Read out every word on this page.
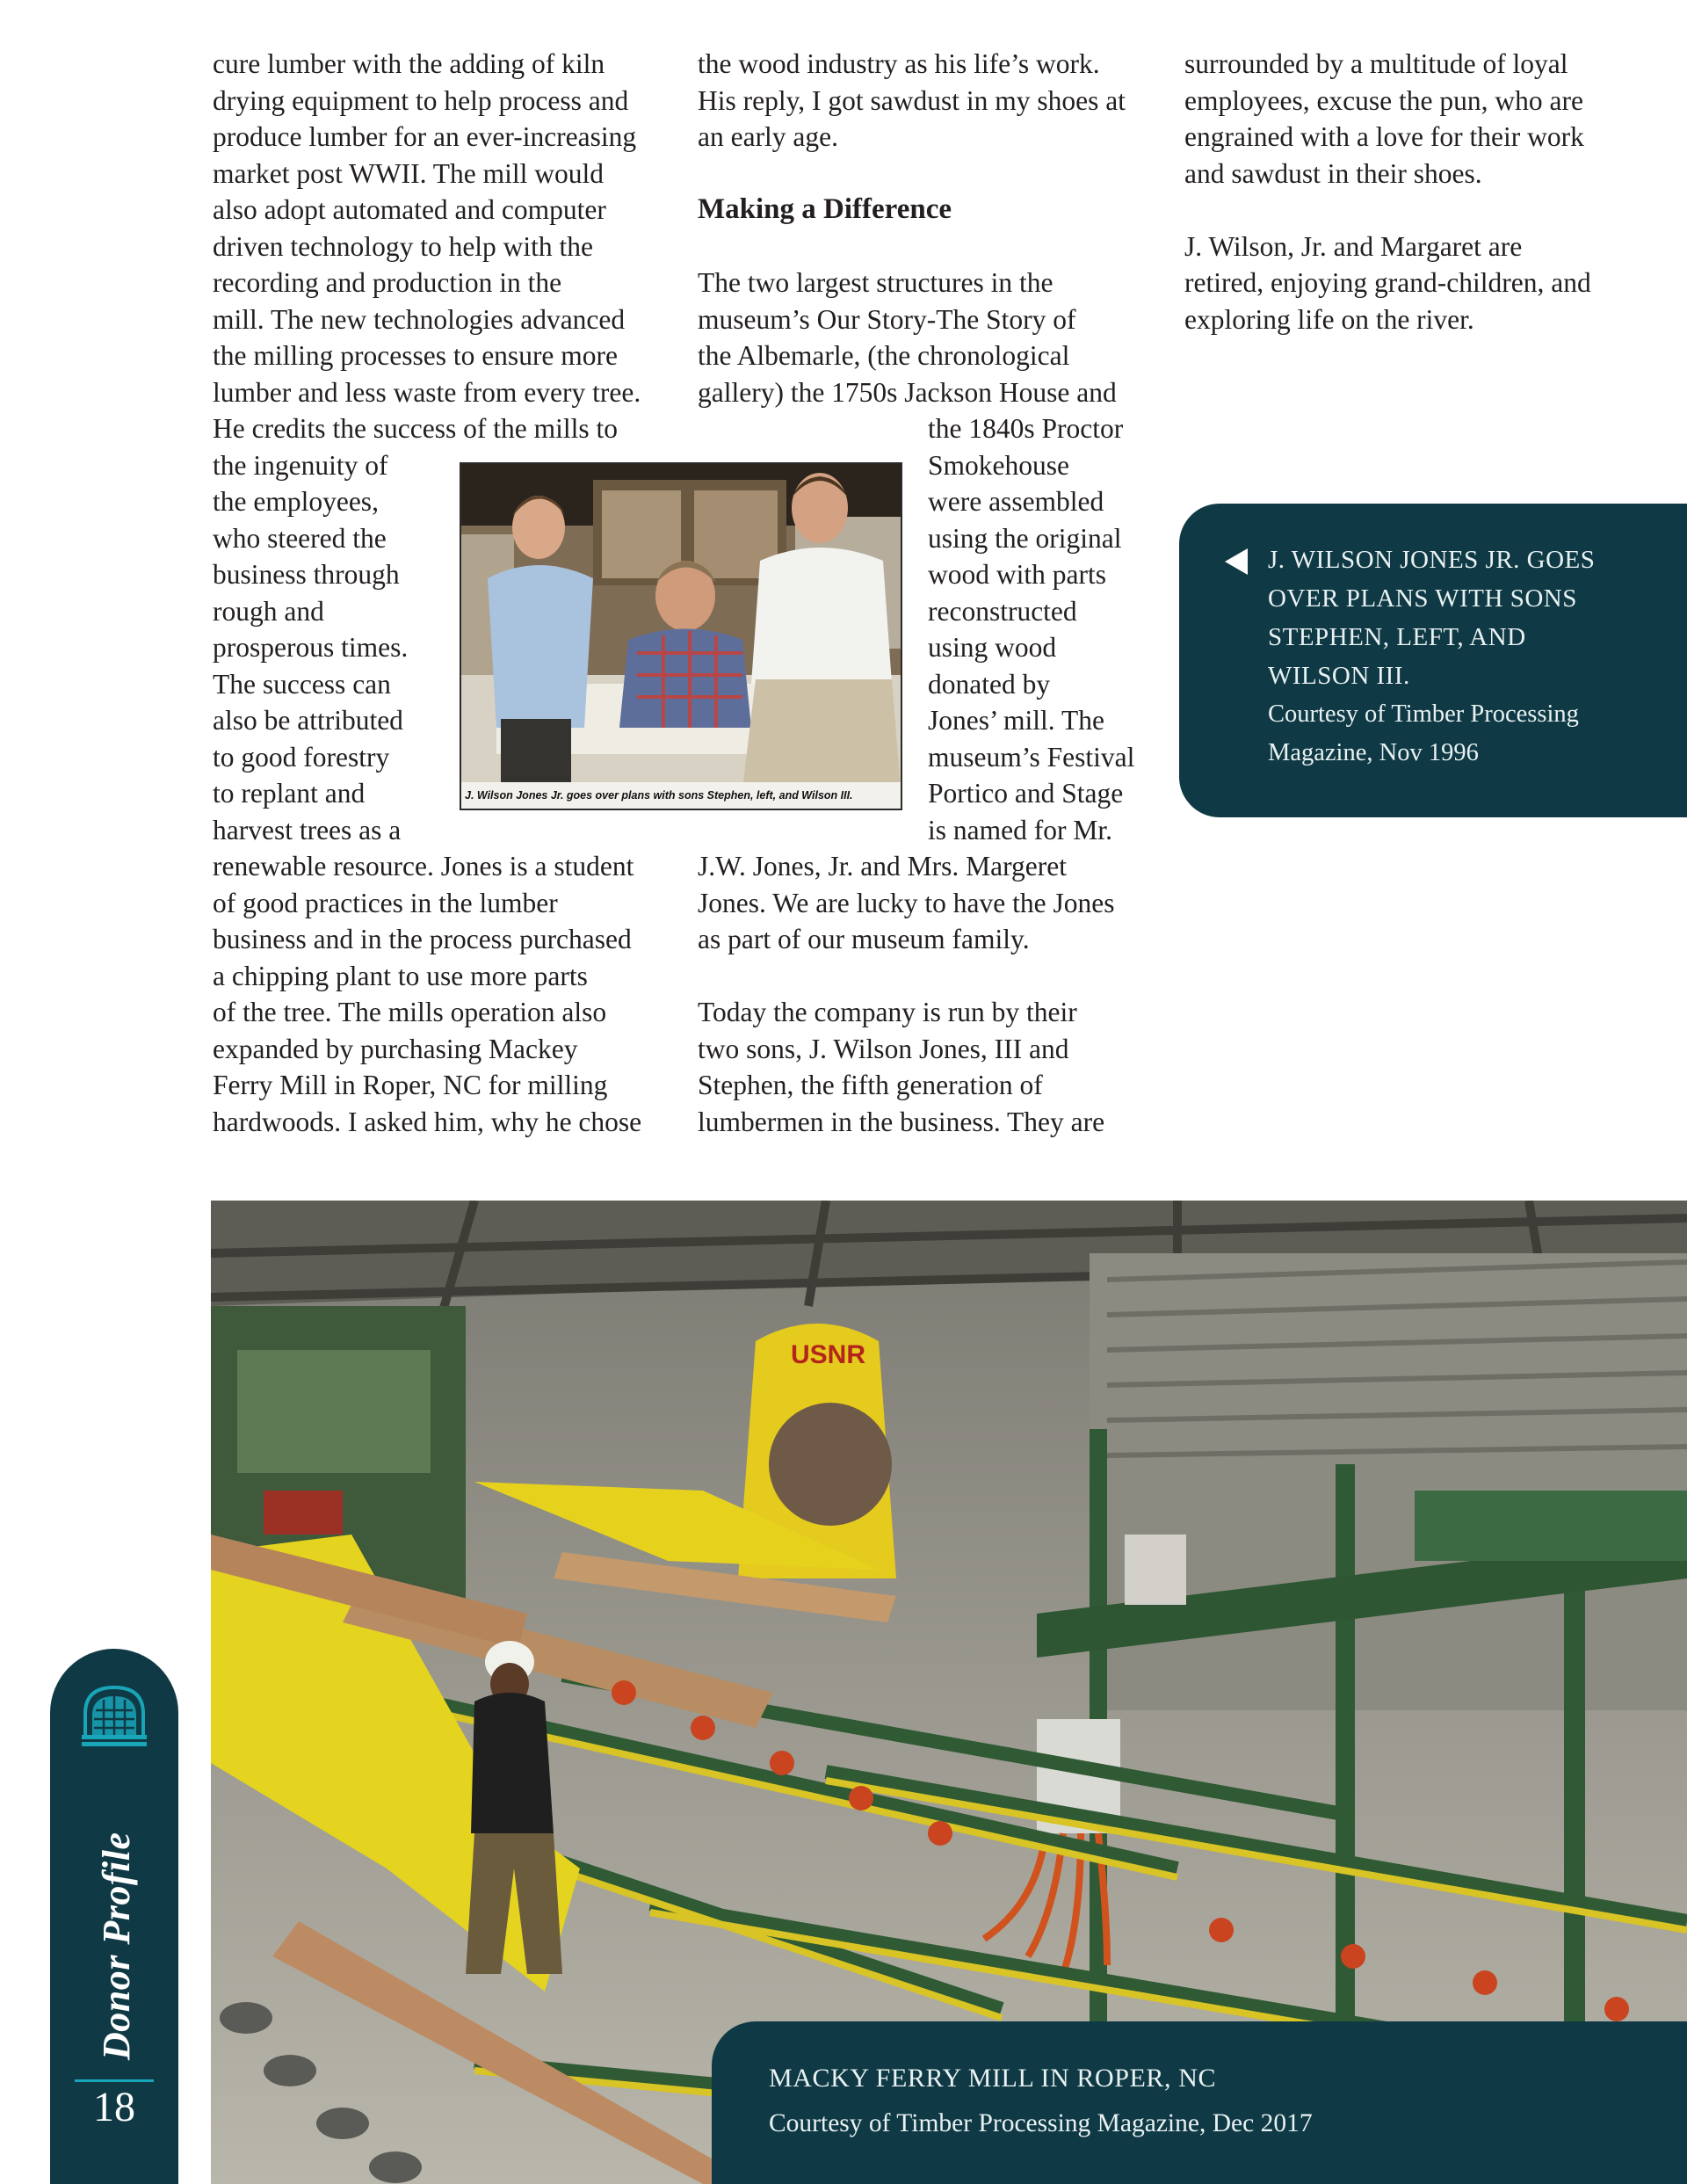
cure lumber with the adding of kiln
drying equipment to help process and
produce lumber for an ever-increasing
market post WWII. The mill would
also adopt automated and computer
driven technology to help with the
recording and production in the
mill. The new technologies advanced
the milling processes to ensure more
lumber and less waste from every tree.
He credits the success of the mills to
the ingenuity of
the employees,
who steered the
business through
rough and
prosperous times.
The success can
also be attributed
to good forestry
to replant and
harvest trees as a
renewable resource. Jones is a student
of good practices in the lumber
business and in the process purchased
a chipping plant to use more parts
of the tree. The mills operation also
expanded by purchasing Mackey
Ferry Mill in Roper, NC for milling
hardwoods. I asked him, why he chose
the wood industry as his life’s work.
His reply, I got sawdust in my shoes at
an early age.
Making a Difference
The two largest structures in the
museum’s Our Story-The Story of
the Albemarle, (the chronological
gallery) the 1750s Jackson House and
the 1840s Proctor
Smokehouse
were assembled
using the original
wood with parts
reconstructed
using wood
donated by
Jones’ mill. The
museum’s Festival
Portico and Stage
is named for Mr.
J.W. Jones, Jr. and Mrs. Margeret
Jones. We are lucky to have the Jones
as part of our museum family.
Today the company is run by their
two sons, J. Wilson Jones, III and
Stephen, the fifth generation of
lumbermen in the business. They are
surrounded by a multitude of loyal
employees, excuse the pun, who are
engrained with a love for their work
and sawdust in their shoes.
J. Wilson, Jr. and Margaret are
retired, enjoying grand-children, and
exploring life on the river.
J. Wilson Jones Jr. goes over plans with sons Stephen, left, and Wilson III.
J. WILSON JONES JR. GOES
OVER PLANS WITH SONS
STEPHEN, LEFT, AND
WILSON III.
Courtesy of Timber Processing
Magazine, Nov 1996
USNR
MACKY FERRY MILL IN ROPER, NC
Courtesy of Timber Processing Magazine, Dec 2017
Donor Profile
18
